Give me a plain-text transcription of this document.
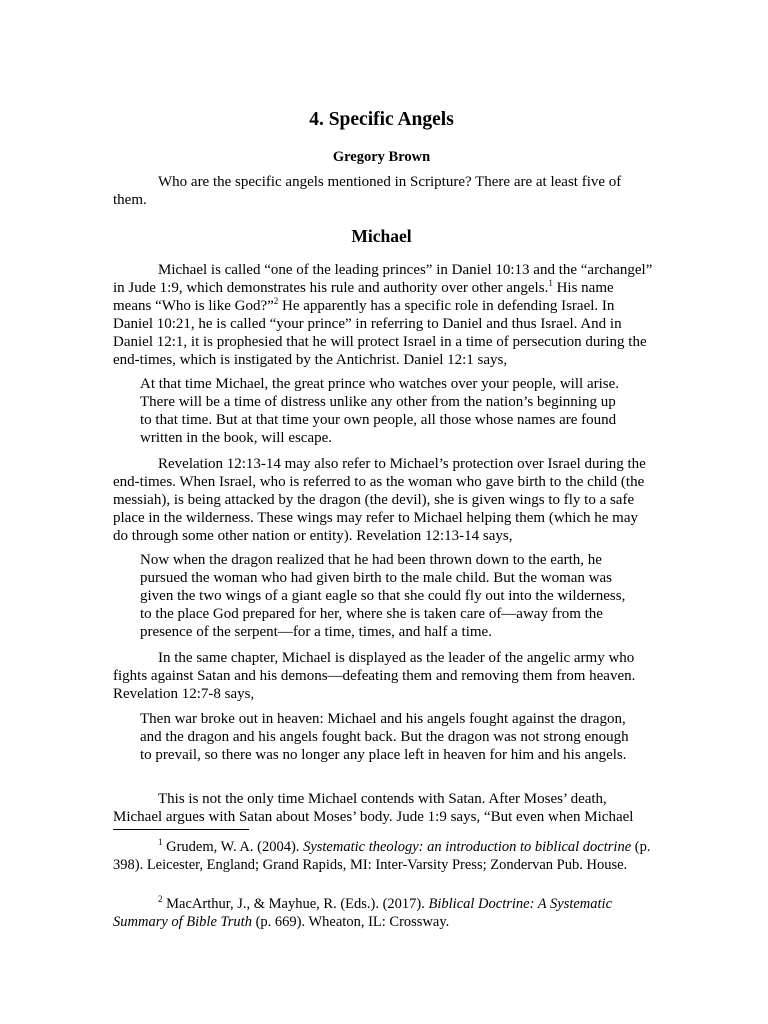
4. Specific Angels
Gregory Brown

Who are the specific angels mentioned in Scripture? There are at least five of them.

Michael

Michael is called “one of the leading princes” in Daniel 10:13 and the “archangel” in Jude 1:9, which demonstrates his rule and authority over other angels.$^1$ His name means “Who is like God?”$^2$ He apparently has a specific role in defending Israel. In Daniel 10:21, he is called “your prince” in referring to Daniel and thus Israel. And in Daniel 12:1, it is prophesied that he will protect Israel in a time of persecution during the end-times, which is instigated by the Antichrist. Daniel 12:1 says,

At that time Michael, the great prince who watches over your people, will arise. There will be a time of distress unlike any other from the nation’s beginning up to that time. But at that time your own people, all those whose names are found written in the book, will escape.

Revelation 12:13-14 may also refer to Michael’s protection over Israel during the end-times. When Israel, who is referred to as the woman who gave birth to the child (the messiah), is being attacked by the dragon (the devil), she is given wings to fly to a safe place in the wilderness. These wings may refer to Michael helping them (which he may do through some other nation or entity). Revelation 12:13-14 says,

Now when the dragon realized that he had been thrown down to the earth, he pursued the woman who had given birth to the male child. But the woman was given the two wings of a giant eagle so that she could fly out into the wilderness, to the place God prepared for her, where she is taken care of—away from the presence of the serpent—for a time, times, and half a time.

In the same chapter, Michael is displayed as the leader of the angelic army who fights against Satan and his demons—defeating them and removing them from heaven. Revelation 12:7-8 says,

Then war broke out in heaven: Michael and his angels fought against the dragon, and the dragon and his angels fought back. But the dragon was not strong enough to prevail, so there was no longer any place left in heaven for him and his angels.

This is not the only time Michael contends with Satan. After Moses’ death, Michael argues with Satan about Moses’ body. Jude 1:9 says, “But even when Michael

$^1$ Grudem, W. A. (2004). Systematic theology: an introduction to biblical doctrine (p. 398). Leicester, England; Grand Rapids, MI: Inter-Varsity Press; Zondervan Pub. House.

$^2$ MacArthur, J., & Mayhue, R. (Eds.). (2017). Biblical Doctrine: A Systematic Summary of Bible Truth (p. 669). Wheaton, IL: Crossway.
